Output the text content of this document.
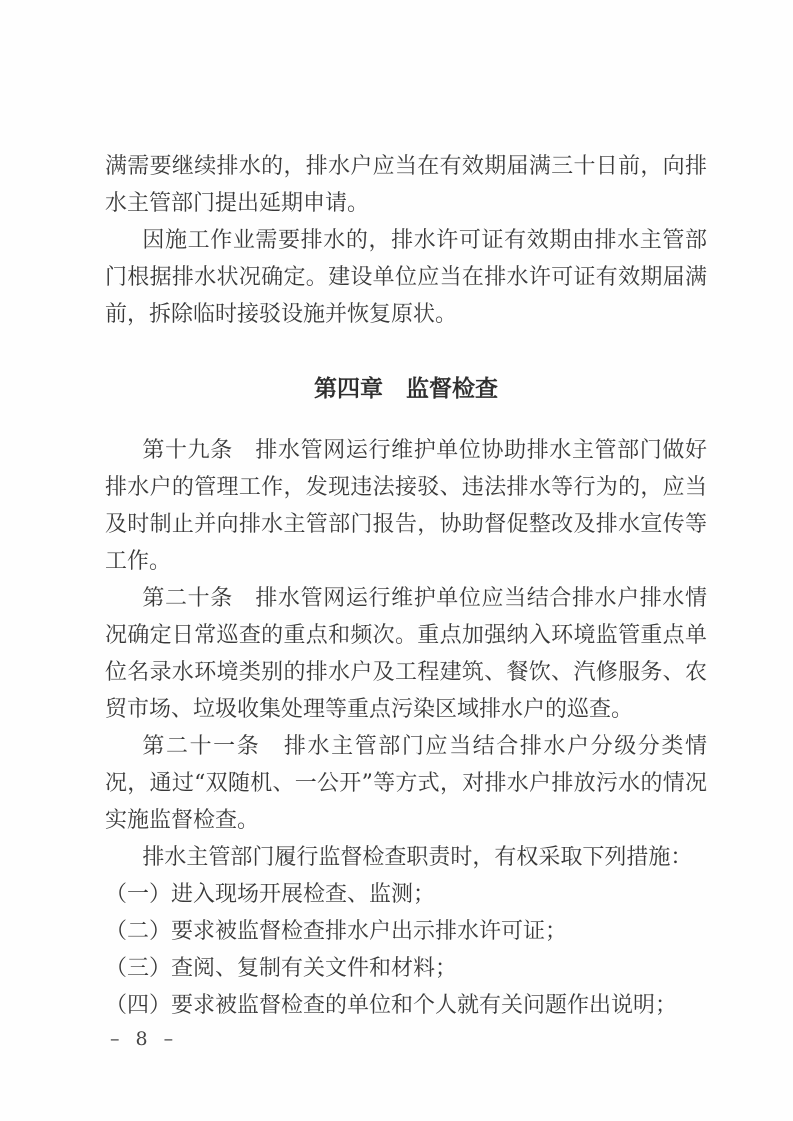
满需要继续排水的，排水户应当在有效期届满三十日前，向排水主管部门提出延期申请。

因施工作业需要排水的，排水许可证有效期由排水主管部门根据排水状况确定。建设单位应当在排水许可证有效期届满前，拆除临时接驳设施并恢复原状。

第四章　监督检查

第十九条　排水管网运行维护单位协助排水主管部门做好排水户的管理工作，发现违法接驳、违法排水等行为的，应当及时制止并向排水主管部门报告，协助督促整改及排水宣传等工作。

第二十条　排水管网运行维护单位应当结合排水户排水情况确定日常巡查的重点和频次。重点加强纳入环境监管重点单位名录水环境类别的排水户及工程建筑、餐饮、汽修服务、农贸市场、垃圾收集处理等重点污染区域排水户的巡查。

第二十一条　排水主管部门应当结合排水户分级分类情况，通过“双随机、一公开”等方式，对排水户排放污水的情况实施监督检查。

排水主管部门履行监督检查职责时，有权采取下列措施：

（一）进入现场开展检查、监测；

（二）要求被监督检查排水户出示排水许可证；

（三）查阅、复制有关文件和材料；

（四）要求被监督检查的单位和个人就有关问题作出说明；

– 8 –
